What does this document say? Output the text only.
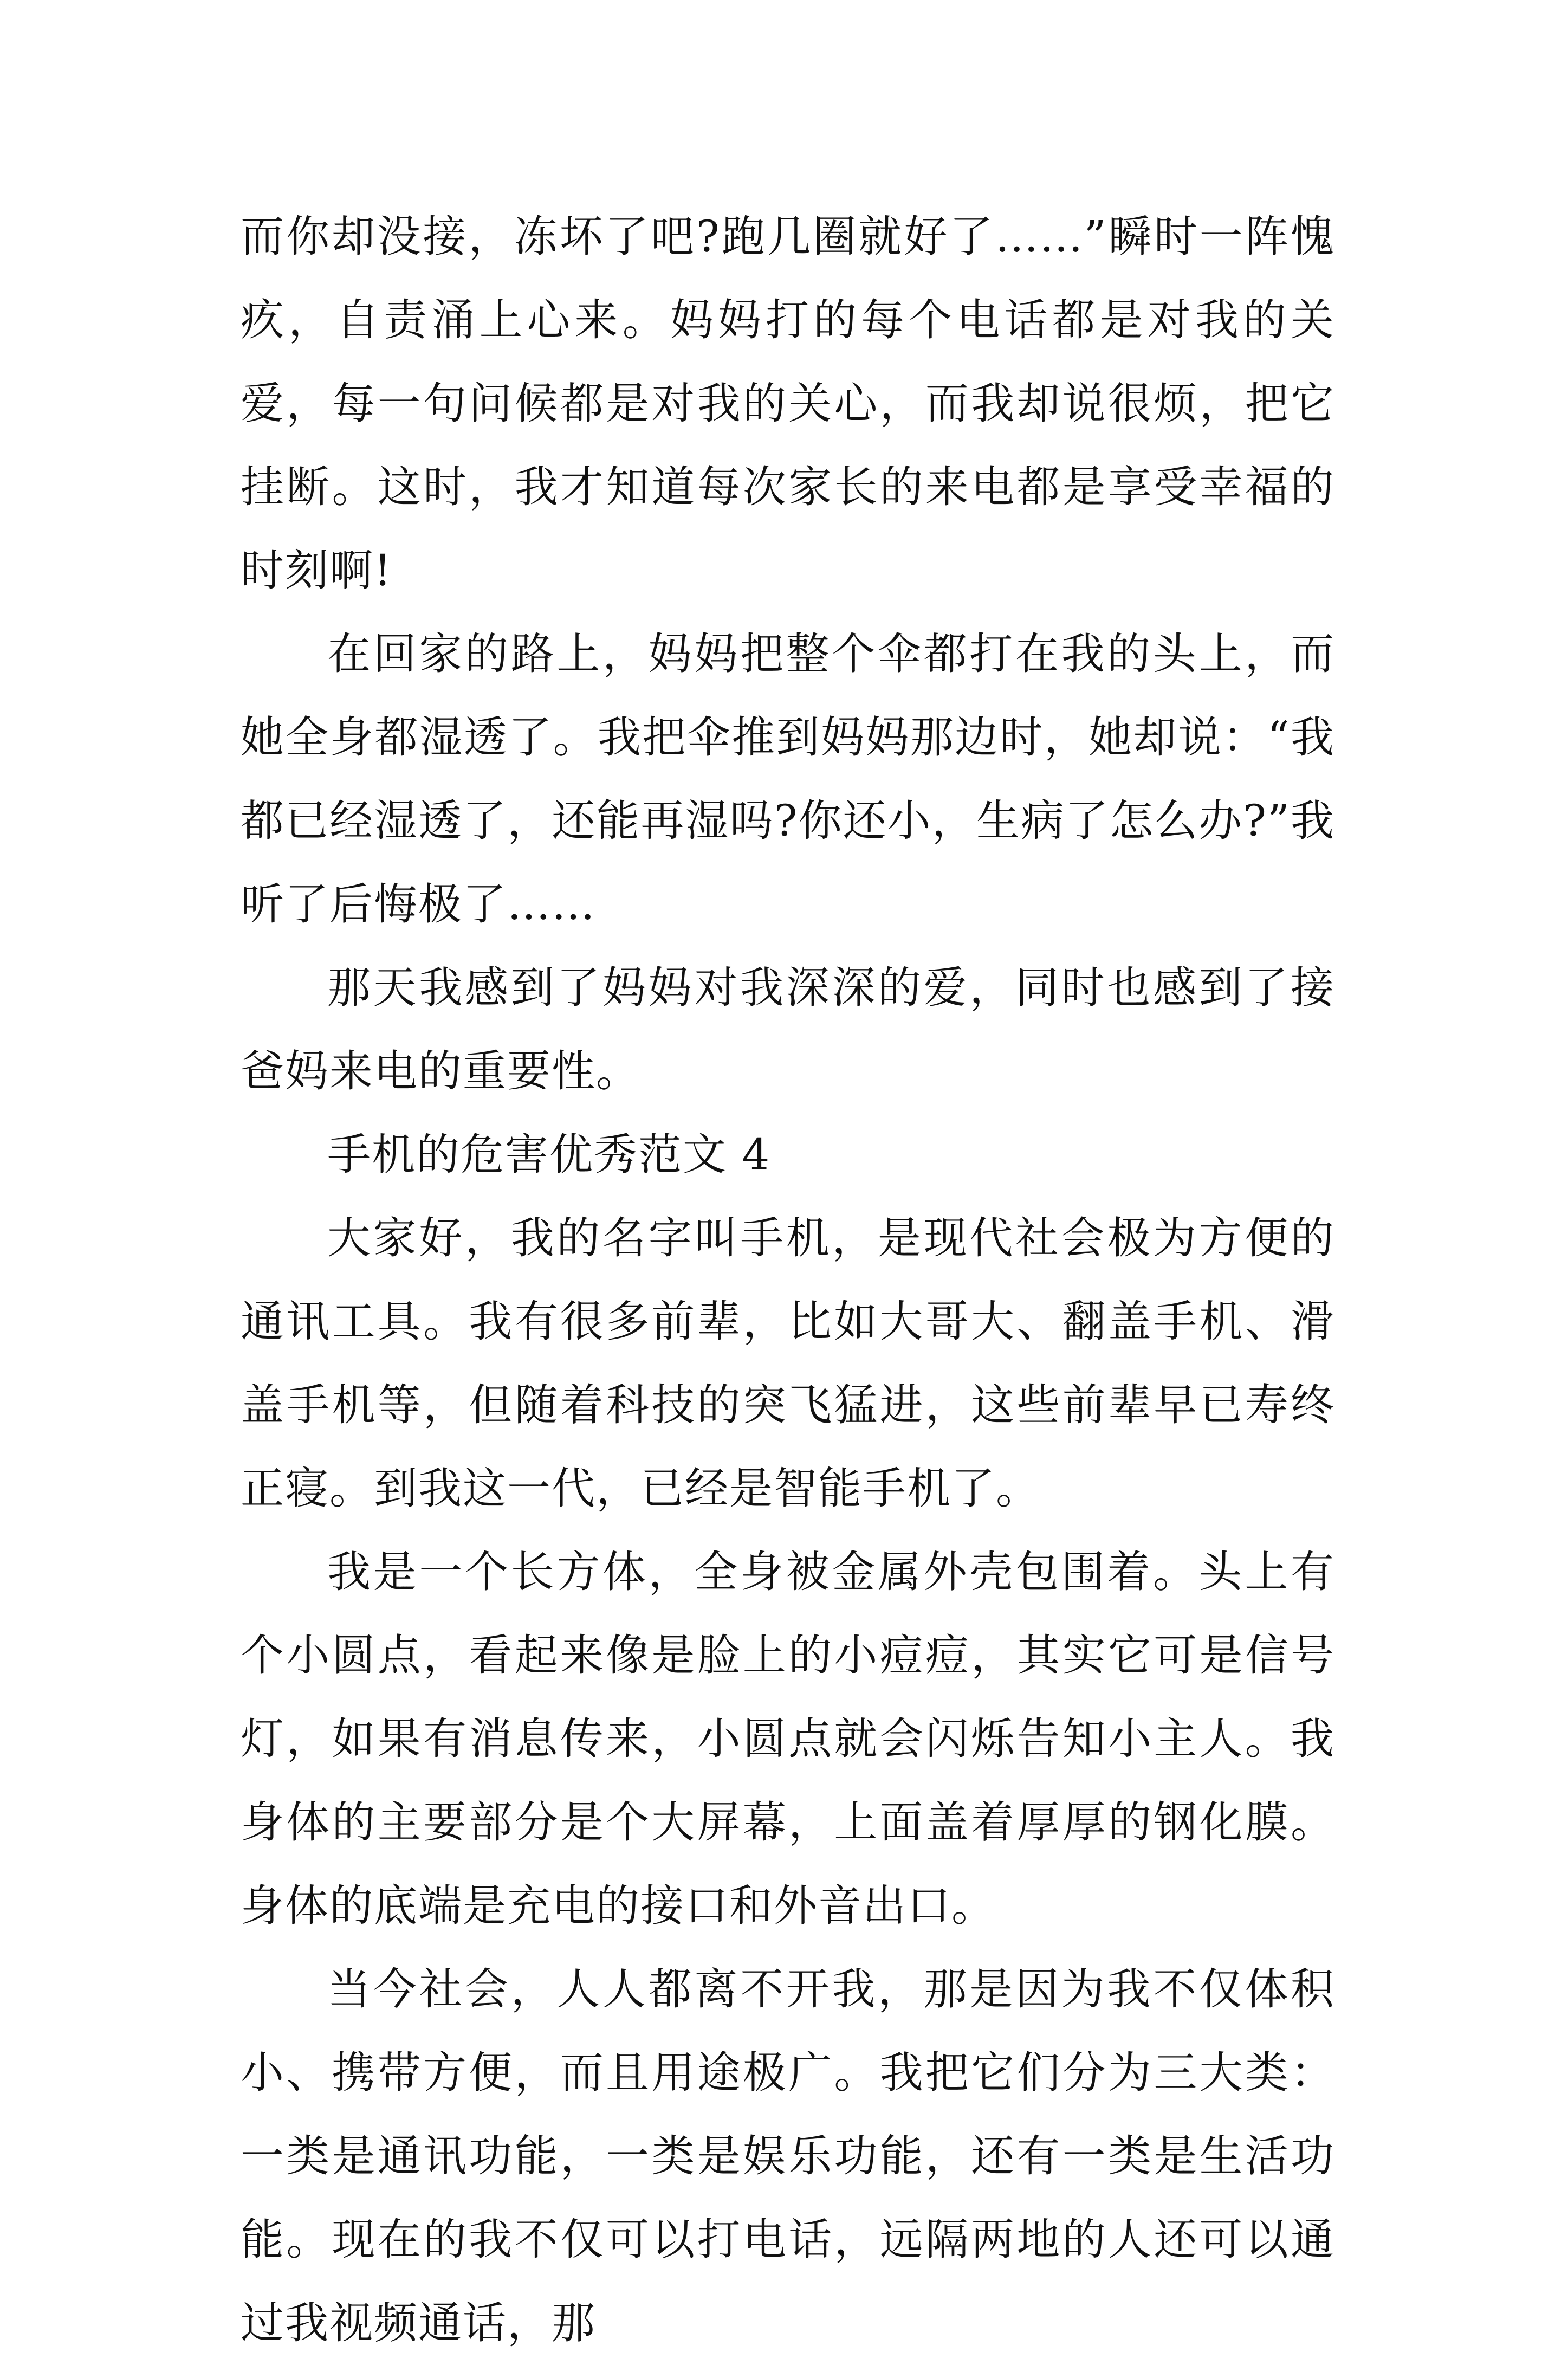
而你却没接，冻坏了吧?跑几圈就好了……”瞬时一阵愧疚，自责涌上心来。妈妈打的每个电话都是对我的关爱，每一句问候都是对我的关心，而我却说很烦，把它挂断。这时，我才知道每次家长的来电都是享受幸福的时刻啊!

在回家的路上，妈妈把整个伞都打在我的头上，而她全身都湿透了。我把伞推到妈妈那边时，她却说：“我都已经湿透了，还能再湿吗?你还小，生病了怎么办?”我听了后悔极了……

那天我感到了妈妈对我深深的爱，同时也感到了接爸妈来电的重要性。

手机的危害优秀范文 4

大家好，我的名字叫手机，是现代社会极为方便的通讯工具。我有很多前辈，比如大哥大、翻盖手机、滑盖手机等，但随着科技的突飞猛进，这些前辈早已寿终正寝。到我这一代，已经是智能手机了。

我是一个长方体，全身被金属外壳包围着。头上有个小圆点，看起来像是脸上的小痘痘，其实它可是信号灯，如果有消息传来，小圆点就会闪烁告知小主人。我身体的主要部分是个大屏幕，上面盖着厚厚的钢化膜。身体的底端是充电的接口和外音出口。

当今社会，人人都离不开我，那是因为我不仅体积小、携带方便，而且用途极广。我把它们分为三大类：一类是通讯功能，一类是娱乐功能，还有一类是生活功能。现在的我不仅可以打电话，远隔两地的人还可以通过我视频通话，那
